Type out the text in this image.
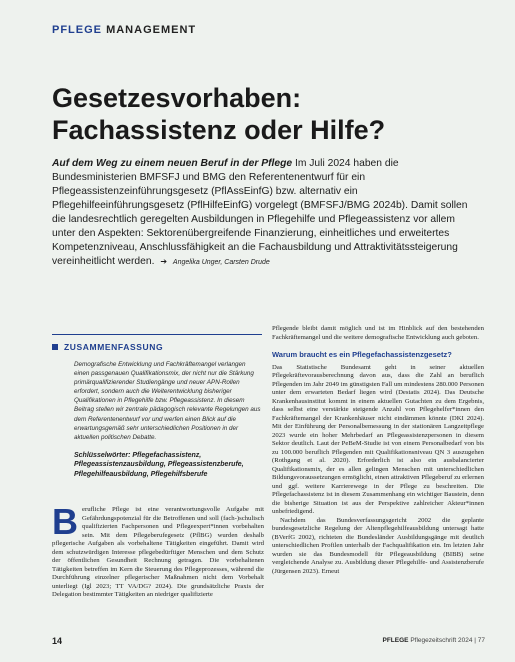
PFLEGE MANAGEMENT
Gesetzesvorhaben:
Fachassistenz oder Hilfe?
Auf dem Weg zu einem neuen Beruf in der Pflege Im Juli 2024 haben die Bundesministerien BMFSFJ und BMG den Referentenentwurf für ein Pflegeassistenzeinführungsgesetz (PflAssEinfG) bzw. alternativ ein Pflegehilfeeinführungsgesetz (PflHilfeEinfG) vorgelegt (BMFSFJ/BMG 2024b). Damit sollen die landesrechtlich geregelten Ausbildungen in Pflegehilfe und Pflegeassistenz vor allem unter den Aspekten: Sektorenübergreifende Finanzierung, einheitliches und erweitertes Kompetenzniveau, Anschlussfähigkeit an die Fachausbildung und Attraktivitätssteigerung vereinheitlicht werden. ➔ Angelika Unger, Carsten Drude
ZUSAMMENFASSUNG
Demografische Entwicklung und Fachkräftemangel verlangen einen passgenauen Qualifikationsmix, der nicht nur die Stärkung primärqualifizierender Studiengänge und neuer APN-Rollen erfordert, sondern auch die Weiterentwicklung bisheriger Qualifikationen in Pflegehilfe bzw. Pflegeassistenz. In diesem Beitrag stellen wir zentrale pädagogisch relevante Regelungen aus dem Referentenentwurf vor und werfen einen Blick auf die erwartungsgemäß sehr unterschiedlichen Positionen in der aktuellen politischen Debatte.
Schlüsselwörter: Pflegefachassistenz, Pflegeassistenzausbildung, Pflegeassistenzberufe, Pflegehilfeausbildung, Pflegehilfsberufe
Berufliche Pflege ist eine verantwortungsvolle Aufgabe mit Gefährdungspotenzial für die Betroffenen und soll (fach-)schulisch qualifizierten Fachpersonen und Pflegeexpert*innen vorbehalten sein. Mit dem Pflegeberufegesetz (PflBG) wurden deshalb pflegerische Aufgaben als vorbehaltene Tätigkeiten eingeführt. Damit wird dem schutzwürdigen Interesse pflegebedürftiger Menschen und dem Schutz der öffentlichen Gesundheit Rechnung getragen. Die vorbehaltenen Tätigkeiten betreffen im Kern die Steuerung des Pflegeprozesses, während die Durchführung einzelner pflegerischer Maßnahmen nicht dem Vorbehalt unterliegt (Igl 2023; TT VA/DG? 2024). Die grundsätzliche Praxis der Delegation bestimmter Tätigkeiten an niedriger qualifizierte

Pflegende bleibt damit möglich und ist im Hinblick auf den bestehenden Fachkräftemangel und die weitere demografische Entwicklung auch geboten.

Warum braucht es ein Pflegefachassistenzgesetz?

Das Statistische Bundesamt geht in seiner aktuellen Pflegekräftevorausberechnung davon aus, dass die Zahl an beruflich Pflegenden im Jahr 2049 im günstigsten Fall um mindestens 280.000 Personen unter dem erwarteten Bedarf liegen wird (Destatis 2024). Das Deutsche Krankenhausinstitut kommt in einem aktuellen Gutachten zu dem Ergebnis, dass selbst eine verstärkte steigende Anzahl von Pflegehelfer*innen den Fachkräftemangel der Krankenhäuser nicht eindämmen könnte (DKI 2024). Mit der Einführung der Personalbemessung in der stationären Langzeitpflege 2023 wurde ein hoher Mehrbedarf an Pflegeassistenzpersonen in diesem Sektor deutlich. Laut der PeBeM-Studie ist von einem Personalbedarf von bis zu 100.000 beruflich Pflegenden mit Qualifikationsniveau QN 3 auszugehen (Rothgang et al. 2020). Erforderlich ist also ein ausbalancierter Qualifikationsmix, der es allen gelingen Menschen mit unterschiedlichen Bildungsvoraussetzungen ermöglicht, einen attraktiven Pflegeberuf zu erlernen und ggf. weitere Karrierewege in der Pflege zu beschreiten. Die Pflegefachassistenz ist in diesem Zusammenhang ein wichtiger Baustein, denn die bisherige Situation ist aus der Perspektive zahlreicher Akteur*innen unbefriedigend.

Nachdem das Bundesverfassungsgericht 2002 die geplante bundesgesetzliche Regelung der Altenpflegehilfeausbildung untersagt hatte (BVerfG 2002), richteten die Bundesländer Ausbildungsgänge mit deutlich unterschiedlichen Profilen unterhalb der Fachqualifikation ein. Im letzten Jahr wurden sie das Bundesmodell für Pflegeausbildung (BIBB) seine vergleichende Analyse zu. Ausbildung dieser Pflegehilfe- und Assistenzberufe (Jürgensen 2023). Erneut

14	PFLEGE Pflegezeitschrift 2024 | 77
